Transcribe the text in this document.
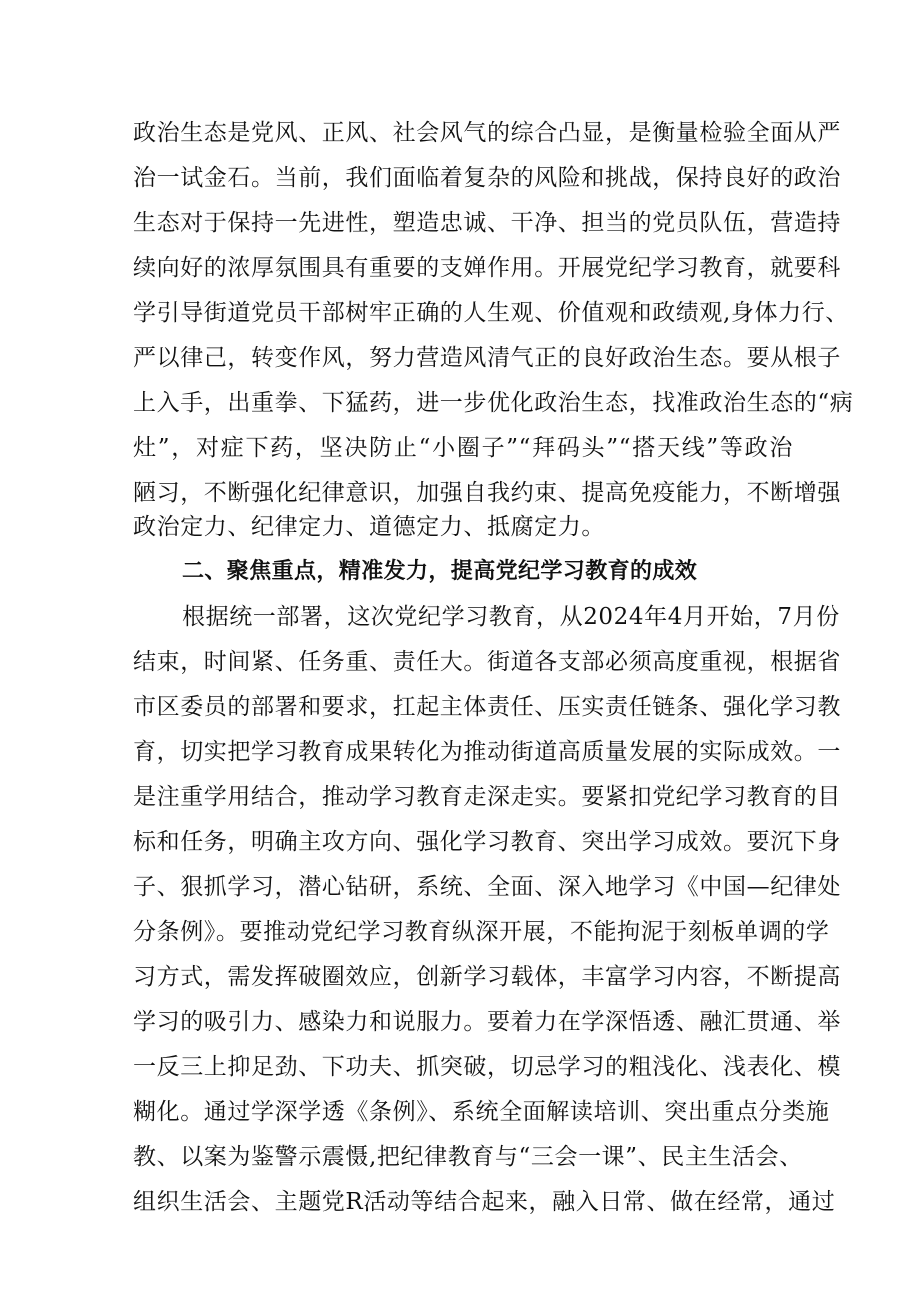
政治生态是党风、正风、社会风气的综合凸显，是衡量检验全面从严
治一试金石。当前，我们面临着复杂的风险和挑战，保持良好的政治
生态对于保持一先进性，塑造忠诚、干净、担当的党员队伍，营造持
续向好的浓厚氛围具有重要的支婵作用。开展党纪学习教育，就要科
学引导街道党员干部树牢正确的人生观、价值观和政绩观,身体力行、
严以律己，转变作风，努力营造风清气正的良好政治生态。要从根子
上入手，出重拳、下猛药，进一步优化政治生态，找准政治生态的“病
灶”，对症下药，坚决防止“小圈子”“拜码头”“搭天线”等政治
陋习，不断强化纪律意识，加强自我约束、提高免疫能力，不断增强
政治定力、纪律定力、道德定力、抵腐定力。
二、聚焦重点，精准发力，提高党纪学习教育的成效
根据统一部署，这次党纪学习教育，从2024年4月开始，7月份
结束，时间紧、任务重、责任大。街道各支部必须高度重视，根据省
市区委员的部署和要求，扛起主体责任、压实责任链条、强化学习教
育，切实把学习教育成果转化为推动街道高质量发展的实际成效。一
是注重学用结合，推动学习教育走深走实。要紧扣党纪学习教育的目
标和任务，明确主攻方向、强化学习教育、突出学习成效。要沉下身
子、狠抓学习，潜心钻研，系统、全面、深入地学习《中国—纪律处
分条例》。要推动党纪学习教育纵深开展，不能拘泥于刻板单调的学
习方式，需发挥破圈效应，创新学习载体，丰富学习内容，不断提高
学习的吸引力、感染力和说服力。要着力在学深悟透、融汇贯通、举
一反三上抑足劲、下功夫、抓突破，切忌学习的粗浅化、浅表化、模
糊化。通过学深学透《条例》、系统全面解读培训、突出重点分类施
教、以案为鉴警示震慑,把纪律教育与“三会一课”、民主生活会、
组织生活会、主题党R活动等结合起来，融入日常、做在经常，通过
